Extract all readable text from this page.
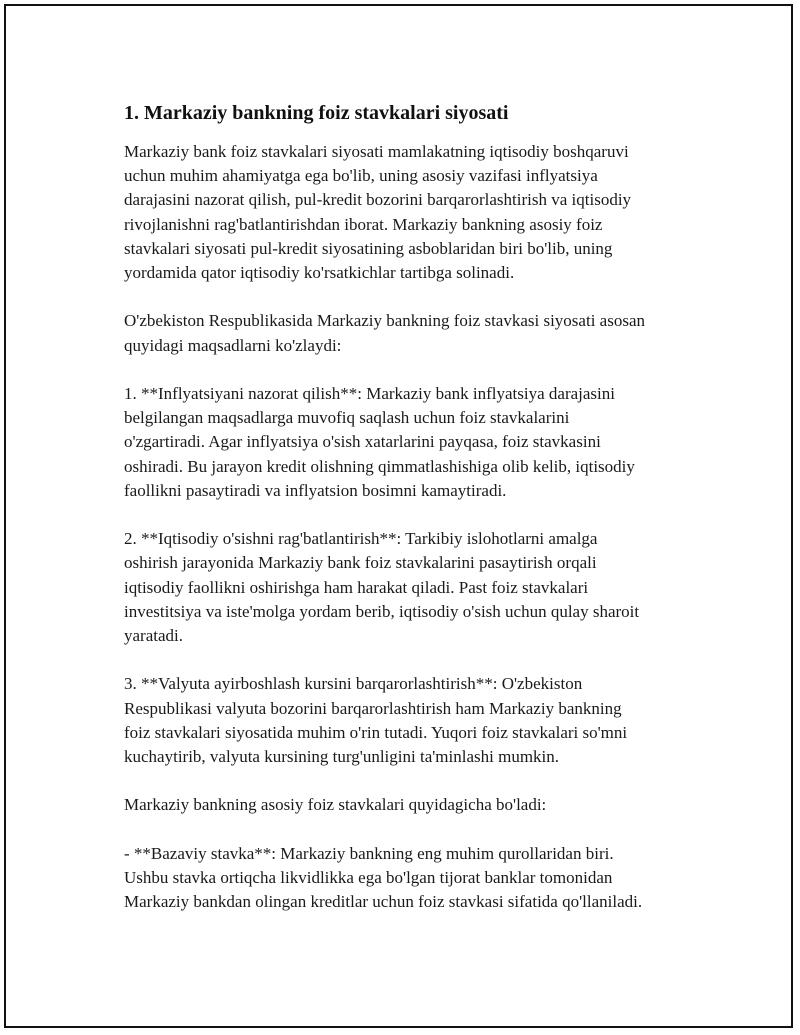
1. Markaziy bankning foiz stavkalari siyosati

Markaziy bank foiz stavkalari siyosati mamlakatning iqtisodiy boshqaruvi
uchun muhim ahamiyatga ega bo'lib, uning asosiy vazifasi inflyatsiya
darajasini nazorat qilish, pul-kredit bozorini barqarorlashtirish va iqtisodiy
rivojlanishni rag'batlantirishdan iborat. Markaziy bankning asosiy foiz
stavkalari siyosati pul-kredit siyosatining asboblaridan biri bo'lib, uning
yordamida qator iqtisodiy ko'rsatkichlar tartibga solinadi.

O'zbekiston Respublikasida Markaziy bankning foiz stavkasi siyosati asosan
quyidagi maqsadlarni ko'zlaydi:

1. **Inflyatsiyani nazorat qilish**: Markaziy bank inflyatsiya darajasini
belgilangan maqsadlarga muvofiq saqlash uchun foiz stavkalarini
o'zgartiradi. Agar inflyatsiya o'sish xatarlarini payqasa, foiz stavkasini
oshiradi. Bu jarayon kredit olishning qimmatlashishiga olib kelib, iqtisodiy
faollikni pasaytiradi va inflyatsion bosimni kamaytiradi.

2. **Iqtisodiy o'sishni rag'batlantirish**: Tarkibiy islohotlarni amalga
oshirish jarayonida Markaziy bank foiz stavkalarini pasaytirish orqali
iqtisodiy faollikni oshirishga ham harakat qiladi. Past foiz stavkalari
investitsiya va iste'molga yordam berib, iqtisodiy o'sish uchun qulay sharoit
yaratadi.

3. **Valyuta ayirboshlash kursini barqarorlashtirish**: O'zbekiston
Respublikasi valyuta bozorini barqarorlashtirish ham Markaziy bankning
foiz stavkalari siyosatida muhim o'rin tutadi. Yuqori foiz stavkalari so'mni
kuchaytirib, valyuta kursining turg'unligini ta'minlashi mumkin.

Markaziy bankning asosiy foiz stavkalari quyidagicha bo'ladi:

- **Bazaviy stavka**: Markaziy bankning eng muhim qurollaridan biri.
Ushbu stavka ortiqcha likvidlikka ega bo'lgan tijorat banklar tomonidan
Markaziy bankdan olingan kreditlar uchun foiz stavkasi sifatida qo'llaniladi.
